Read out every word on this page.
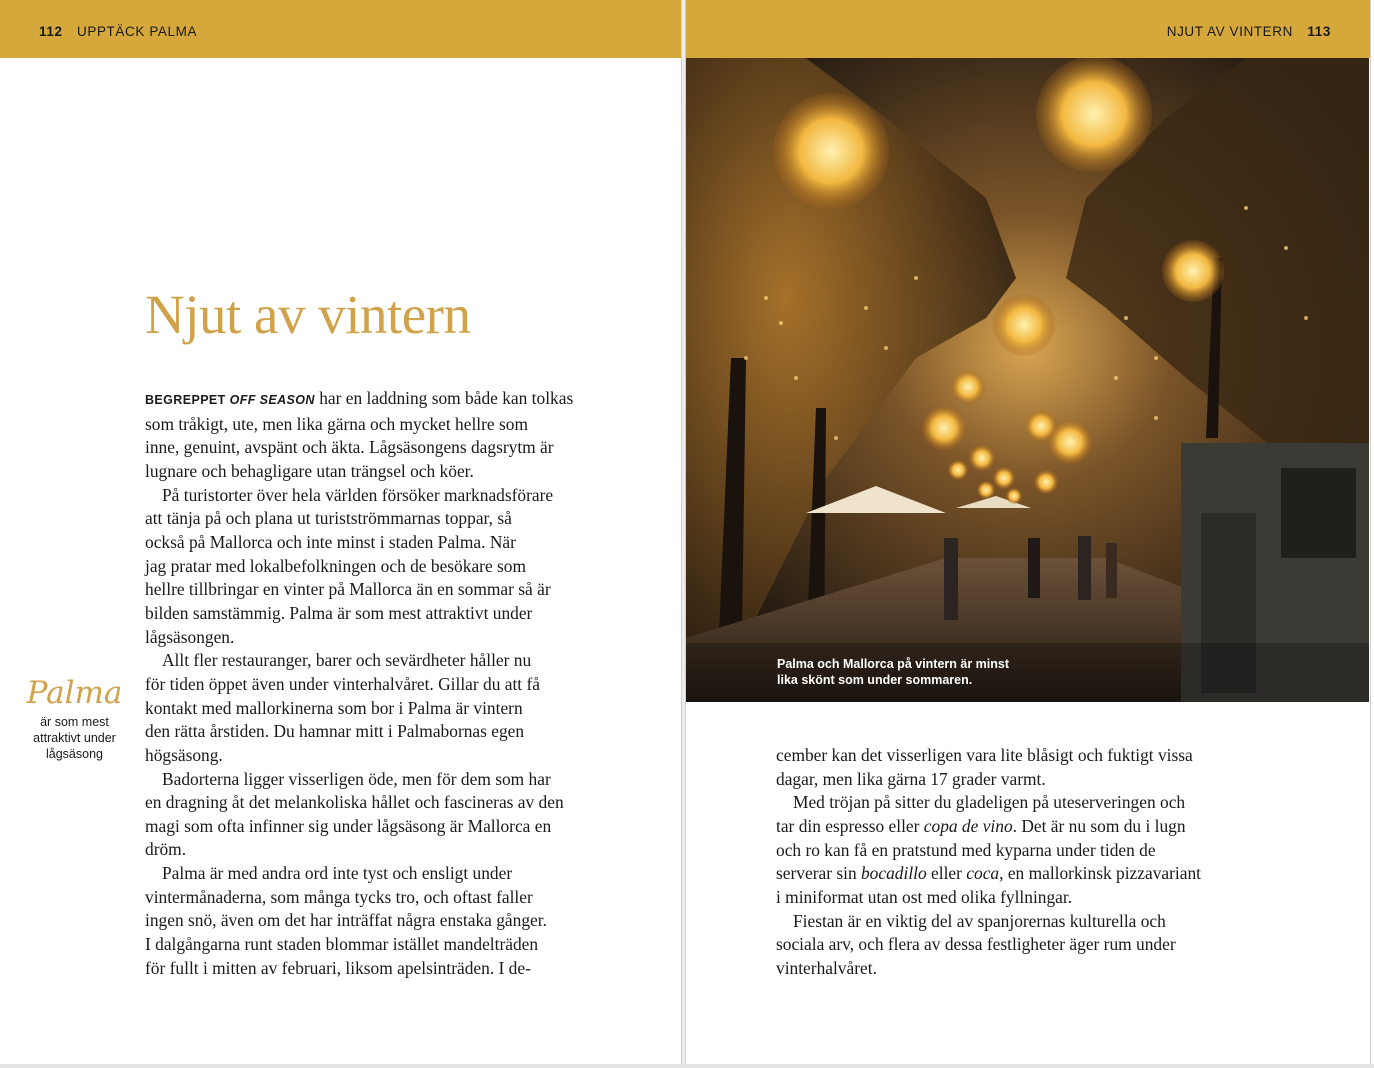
112 UPPTÄCK PALMA
Njut av vintern
Palma
är som mest
attraktivt under
lågsäsong
BEGREPPET OFF SEASON har en laddning som både kan tolkas
som tråkigt, ute, men lika gärna och mycket hellre som
inne, genuint, avspänt och äkta. Lågsäsongens dagsrytm är
lugnare och behagligare utan trängsel och köer.
På turistorter över hela världen försöker marknadsförare
att tänja på och plana ut turistströmmarnas toppar, så
också på Mallorca och inte minst i staden Palma. När
jag pratar med lokalbefolkningen och de besökare som
hellre tillbringar en vinter på Mallorca än en sommar så är
bilden samstämmig. Palma är som mest attraktivt under
lågsäsongen.
Allt fler restauranger, barer och sevärdheter håller nu
för tiden öppet även under vinterhalvåret. Gillar du att få
kontakt med mallorkinerna som bor i Palma är vintern
den rätta årstiden. Du hamnar mitt i Palmabornas egen
högsäsong.
Badorterna ligger visserligen öde, men för dem som har
en dragning åt det melankoliska hållet och fascineras av den
magi som ofta infinner sig under lågsäsong är Mallorca en
dröm.
Palma är med andra ord inte tyst och ensligt under
vintermånaderna, som många tycks tro, och oftast faller
ingen snö, även om det har inträffat några enstaka gånger.
I dalgångarna runt staden blommar istället mandelträden
för fullt i mitten av februari, liksom apelsinträden. I de-
NJUT AV VINTERN 113
Palma och Mallorca på vintern är minst
lika skönt som under sommaren.
cember kan det visserligen vara lite blåsigt och fuktigt vissa
dagar, men lika gärna 17 grader varmt.
Med tröjan på sitter du gladeligen på uteserveringen och
tar din espresso eller copa de vino. Det är nu som du i lugn
och ro kan få en pratstund med kyparna under tiden de
serverar sin bocadillo eller coca, en mallorkinsk pizzavariant
i miniformat utan ost med olika fyllningar.
Fiestan är en viktig del av spanjorernas kulturella och
sociala arv, och flera av dessa festligheter äger rum under
vinterhalvåret.
